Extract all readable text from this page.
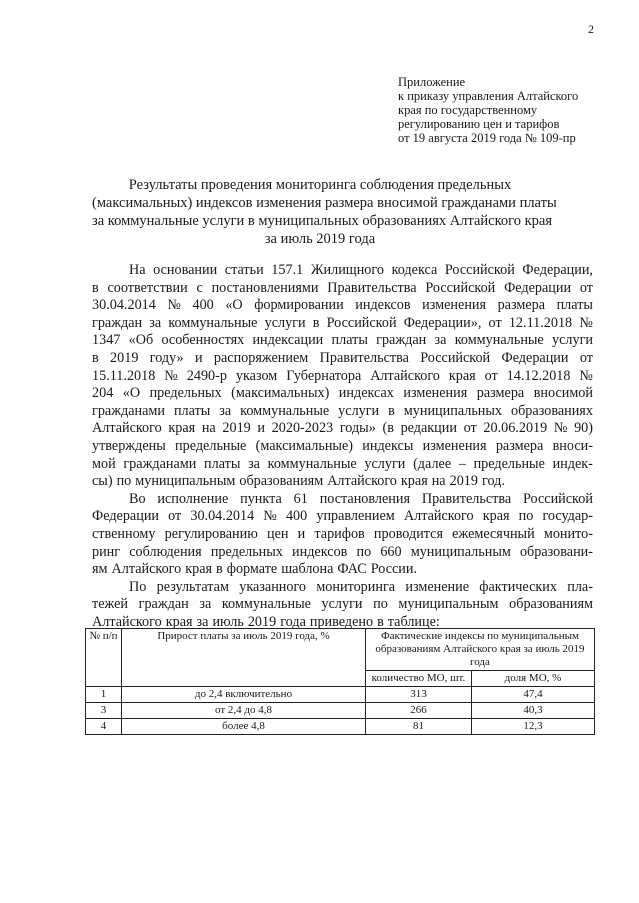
2
Приложение
к приказу управления Алтайского
края по государственному
регулированию цен и тарифов
от 19 августа 2019 года № 109-пр
Результаты проведения мониторинга соблюдения предельных
(максимальных) индексов изменения размера вносимой гражданами платы
за коммунальные услуги в муниципальных образованиях Алтайского края
за июль 2019 года
На основании статьи 157.1 Жилищного кодекса Российской Федерации,
в соответствии с постановлениями Правительства Российской Федерации от
30.04.2014 № 400 «О формировании индексов изменения размера платы
граждан за коммунальные услуги в Российской Федерации», от 12.11.2018 №
1347 «Об особенностях индексации платы граждан за коммунальные услуги
в 2019 году» и распоряжением Правительства Российской Федерации от
15.11.2018 № 2490-р указом Губернатора Алтайского края от 14.12.2018 №
204 «О предельных (максимальных) индексах изменения размера вносимой
гражданами платы за коммунальные услуги в муниципальных образованиях
Алтайского края на 2019 и 2020-2023 годы» (в редакции от 20.06.2019 № 90)
утверждены предельные (максимальные) индексы изменения размера вноси-
мой гражданами платы за коммунальные услуги (далее – предельные индек-
сы) по муниципальным образованиям Алтайского края на 2019 год.
Во исполнение пункта 61 постановления Правительства Российской
Федерации от 30.04.2014 № 400 управлением Алтайского края по государ-
ственному регулированию цен и тарифов проводится ежемесячный монито-
ринг соблюдения предельных индексов по 660 муниципальным образовани-
ям Алтайского края в формате шаблона ФАС России.
По результатам указанного мониторинга изменение фактических пла-
тежей граждан за коммунальные услуги по муниципальным образованиям
Алтайского края за июль 2019 года приведено в таблице:
№ п/п	Прирост платы за июль 2019 года, %	Фактические индексы по муниципальным образованиям Алтайского края за июль 2019 года	
		количество МО, шт.	доля МО, %
1	до 2,4 включительно	313	47,4
3	от 2,4 до 4,8	266	40,3
4	более 4,8	81	12,3
